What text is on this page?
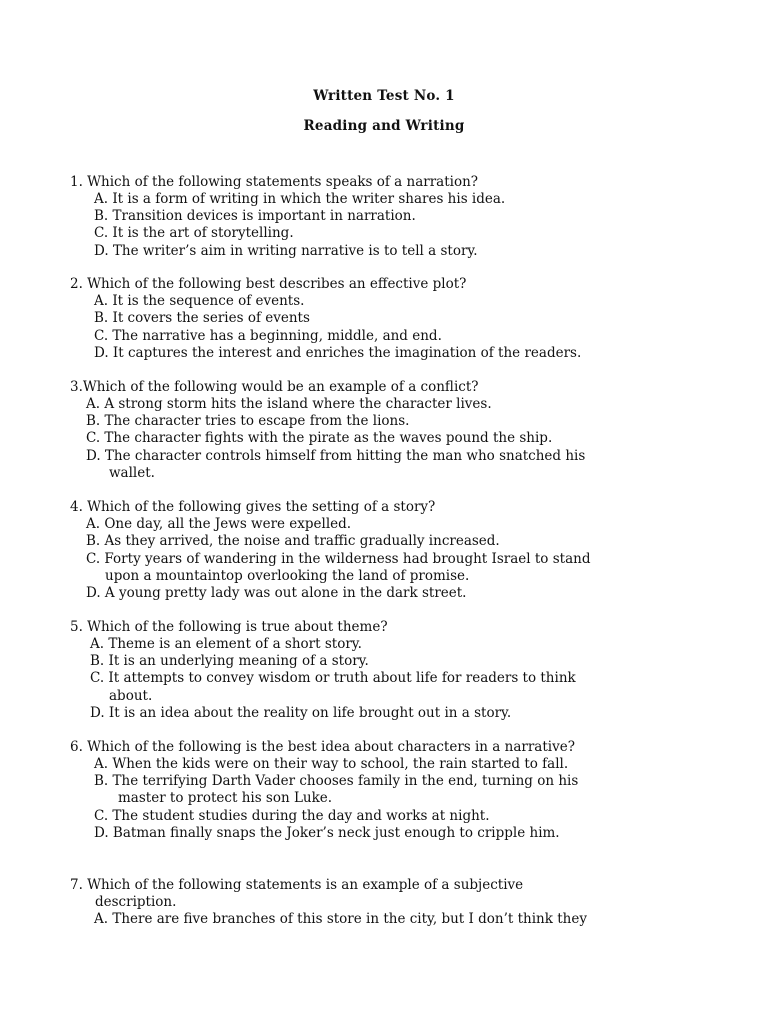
Written Test No. 1
Reading and Writing
1. Which of the following statements speaks of a narration?
A. It is a form of writing in which the writer shares his idea.
B. Transition devices is important in narration.
C. It is the art of storytelling.
D. The writer’s aim in writing narrative is to tell a story.
2. Which of the following best describes an effective plot?
A. It is the sequence of events.
B. It covers the series of events
C. The narrative has a beginning, middle, and end.
D. It captures the interest and enriches the imagination of the readers.
3.Which of the following would be an example of a conflict?
A. A strong storm hits the island where the character lives.
B. The character tries to escape from the lions.
C. The character fights with the pirate as the waves pound the ship.
D. The character controls himself from hitting the man who snatched his
wallet.
4. Which of the following gives the setting of a story?
A. One day, all the Jews were expelled.
B. As they arrived, the noise and traffic gradually increased.
C. Forty years of wandering in the wilderness had brought Israel to stand
upon a mountaintop overlooking the land of promise.
D. A young pretty lady was out alone in the dark street.
5. Which of the following is true about theme?
A. Theme is an element of a short story.
B. It is an underlying meaning of a story.
C. It attempts to convey wisdom or truth about life for readers to think
about.
D. It is an idea about the reality on life brought out in a story.
6. Which of the following is the best idea about characters in a narrative?
A. When the kids were on their way to school, the rain started to fall.
B. The terrifying Darth Vader chooses family in the end, turning on his
master to protect his son Luke.
C. The student studies during the day and works at night.
D. Batman finally snaps the Joker’s neck just enough to cripple him.
7. Which of the following statements is an example of a subjective
description.
A. There are five branches of this store in the city, but I don’t think they
